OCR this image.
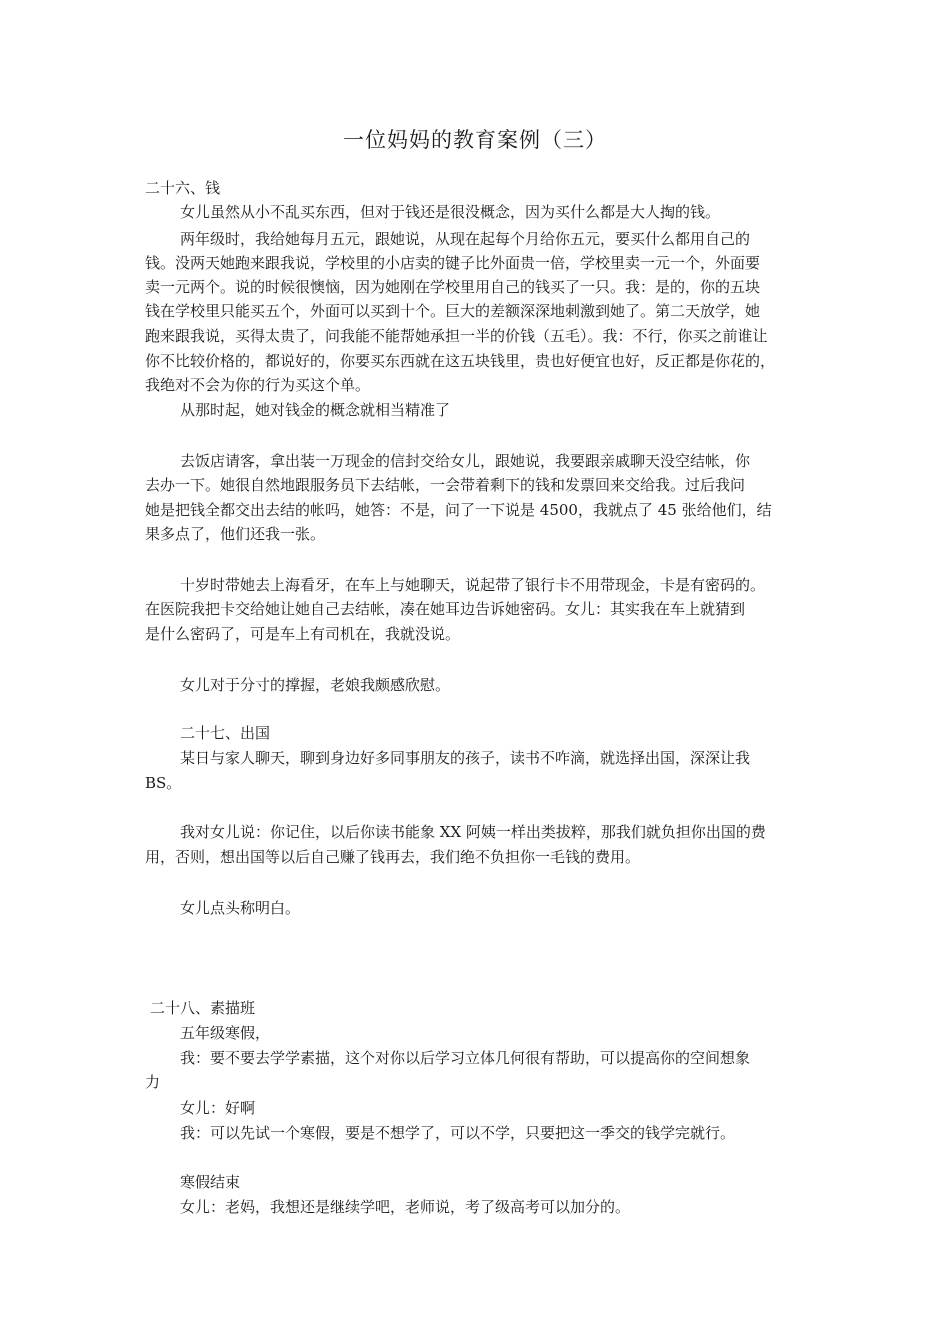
一位妈妈的教育案例（三）
二十六、钱
女儿虽然从小不乱买东西，但对于钱还是很没概念，因为买什么都是大人掏的钱。
两年级时，我给她每月五元，跟她说，从现在起每个月给你五元，要买什么都用自己的
钱。没两天她跑来跟我说，学校里的小店卖的键子比外面贵一倍，学校里卖一元一个，外面要
卖一元两个。说的时候很懊恼，因为她刚在学校里用自己的钱买了一只。我：是的，你的五块
钱在学校里只能买五个，外面可以买到十个。巨大的差额深深地刺激到她了。第二天放学，她
跑来跟我说，买得太贵了，问我能不能帮她承担一半的价钱（五毛）。我：不行，你买之前谁让
你不比较价格的，都说好的，你要买东西就在这五块钱里，贵也好便宜也好，反正都是你花的，
我绝对不会为你的行为买这个单。
从那时起，她对钱金的概念就相当精准了
去饭店请客，拿出装一万现金的信封交给女儿，跟她说，我要跟亲戚聊天没空结帐，你
去办一下。她很自然地跟服务员下去结帐，一会带着剩下的钱和发票回来交给我。过后我问
她是把钱全都交出去结的帐吗，她答：不是，问了一下说是 4500，我就点了 45 张给他们，结
果多点了，他们还我一张。
十岁时带她去上海看牙，在车上与她聊天，说起带了银行卡不用带现金，卡是有密码的。
在医院我把卡交给她让她自己去结帐，凑在她耳边告诉她密码。女儿：其实我在车上就猜到
是什么密码了，可是车上有司机在，我就没说。
女儿对于分寸的撑握，老娘我颇感欣慰。
二十七、出国
某日与家人聊天，聊到身边好多同事朋友的孩子，读书不咋滴，就选择出国，深深让我
BS。
我对女儿说：你记住，以后你读书能象 XX 阿姨一样出类拔粹，那我们就负担你出国的费
用，否则，想出国等以后自己赚了钱再去，我们绝不负担你一毛钱的费用。
女儿点头称明白。
二十八、素描班
五年级寒假，
我：要不要去学学素描，这个对你以后学习立体几何很有帮助，可以提高你的空间想象
力
女儿：好啊
我：可以先试一个寒假，要是不想学了，可以不学，只要把这一季交的钱学完就行。
寒假结束
女儿：老妈，我想还是继续学吧，老师说，考了级高考可以加分的。
